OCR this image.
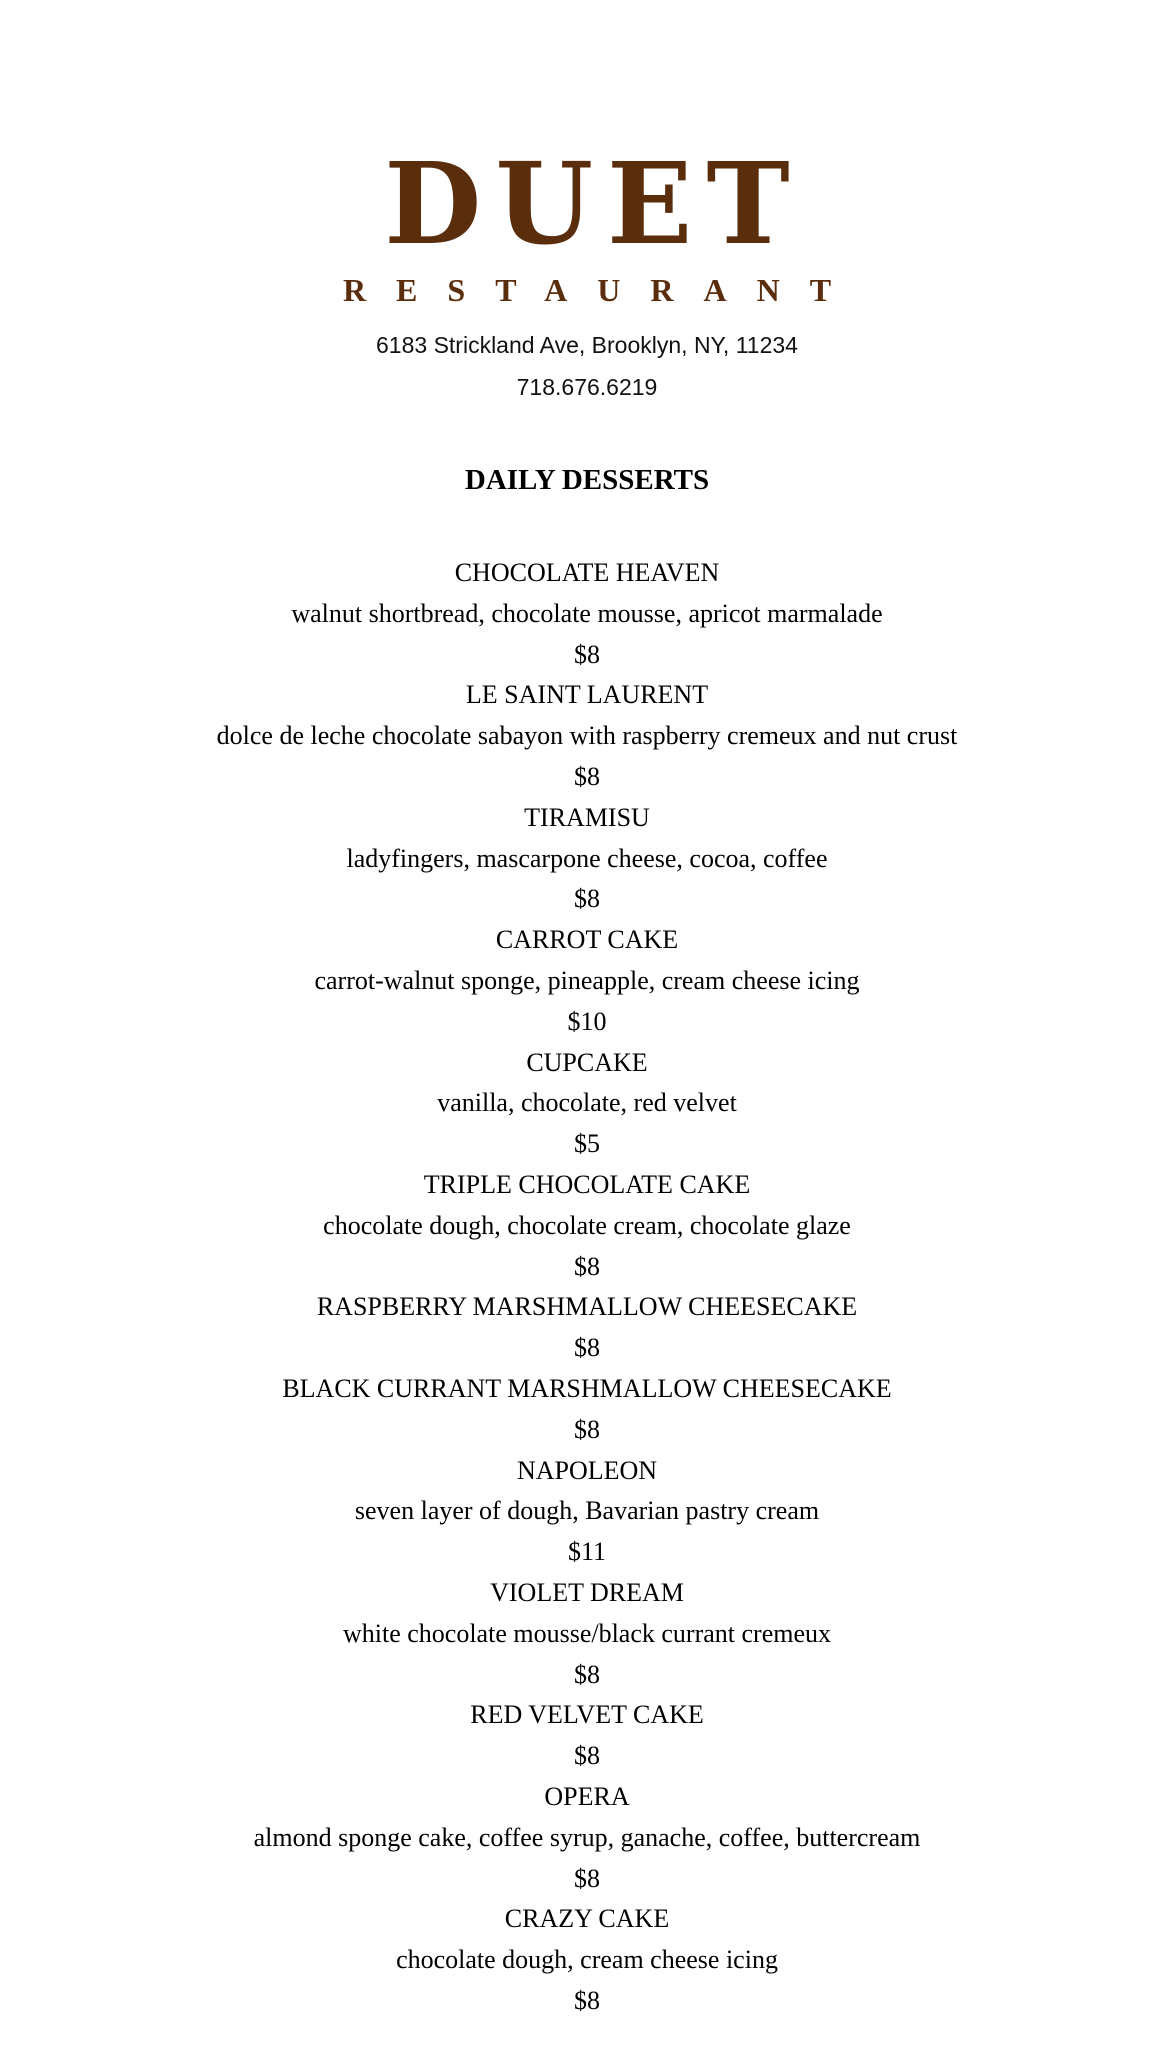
DUET
RESTAURANT
6183 Strickland Ave, Brooklyn, NY, 11234
718.676.6219
DAILY DESSERTS
CHOCOLATE HEAVEN
walnut shortbread, chocolate mousse, apricot marmalade
$8
LE SAINT LAURENT
dolce de leche chocolate sabayon with raspberry cremeux and nut crust
$8
TIRAMISU
ladyfingers, mascarpone cheese, cocoa, coffee
$8
CARROT CAKE
carrot-walnut sponge, pineapple, cream cheese icing
$10
CUPCAKE
vanilla, chocolate, red velvet
$5
TRIPLE CHOCOLATE CAKE
chocolate dough, chocolate cream, chocolate glaze
$8
RASPBERRY MARSHMALLOW CHEESECAKE
$8
BLACK CURRANT MARSHMALLOW CHEESECAKE
$8
NAPOLEON
seven layer of dough, Bavarian pastry cream
$11
VIOLET DREAM
white chocolate mousse/black currant cremeux
$8
RED VELVET CAKE
$8
OPERA
almond sponge cake, coffee syrup, ganache, coffee, buttercream
$8
CRAZY CAKE
chocolate dough, cream cheese icing
$8
